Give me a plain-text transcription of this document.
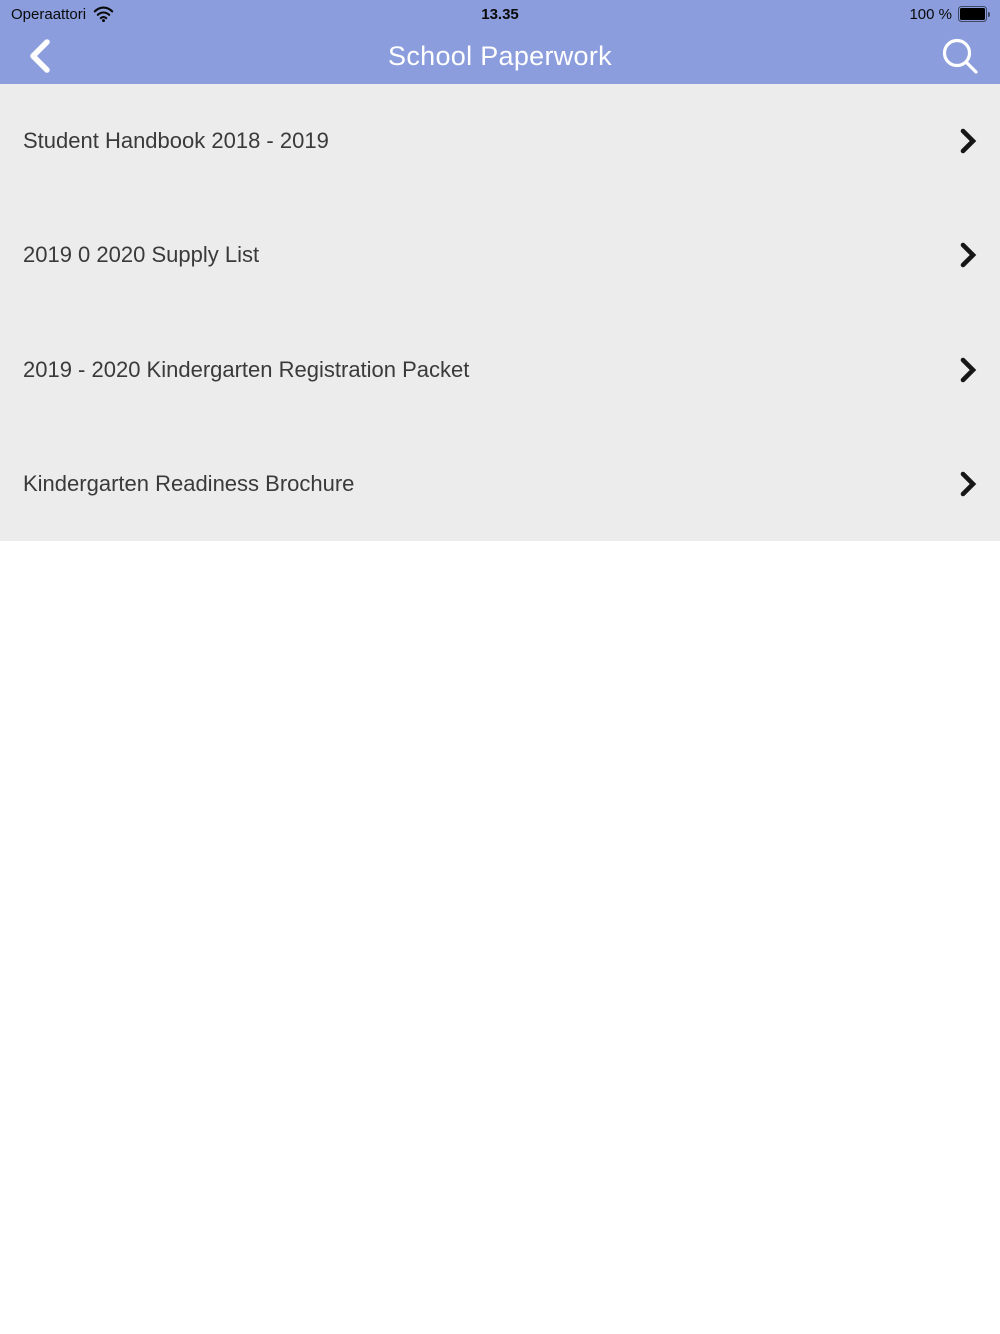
Operaattori	13.35	100 %
School Paperwork
Student Handbook 2018 - 2019
2019 0 2020 Supply List
2019 - 2020 Kindergarten Registration Packet
Kindergarten Readiness Brochure
